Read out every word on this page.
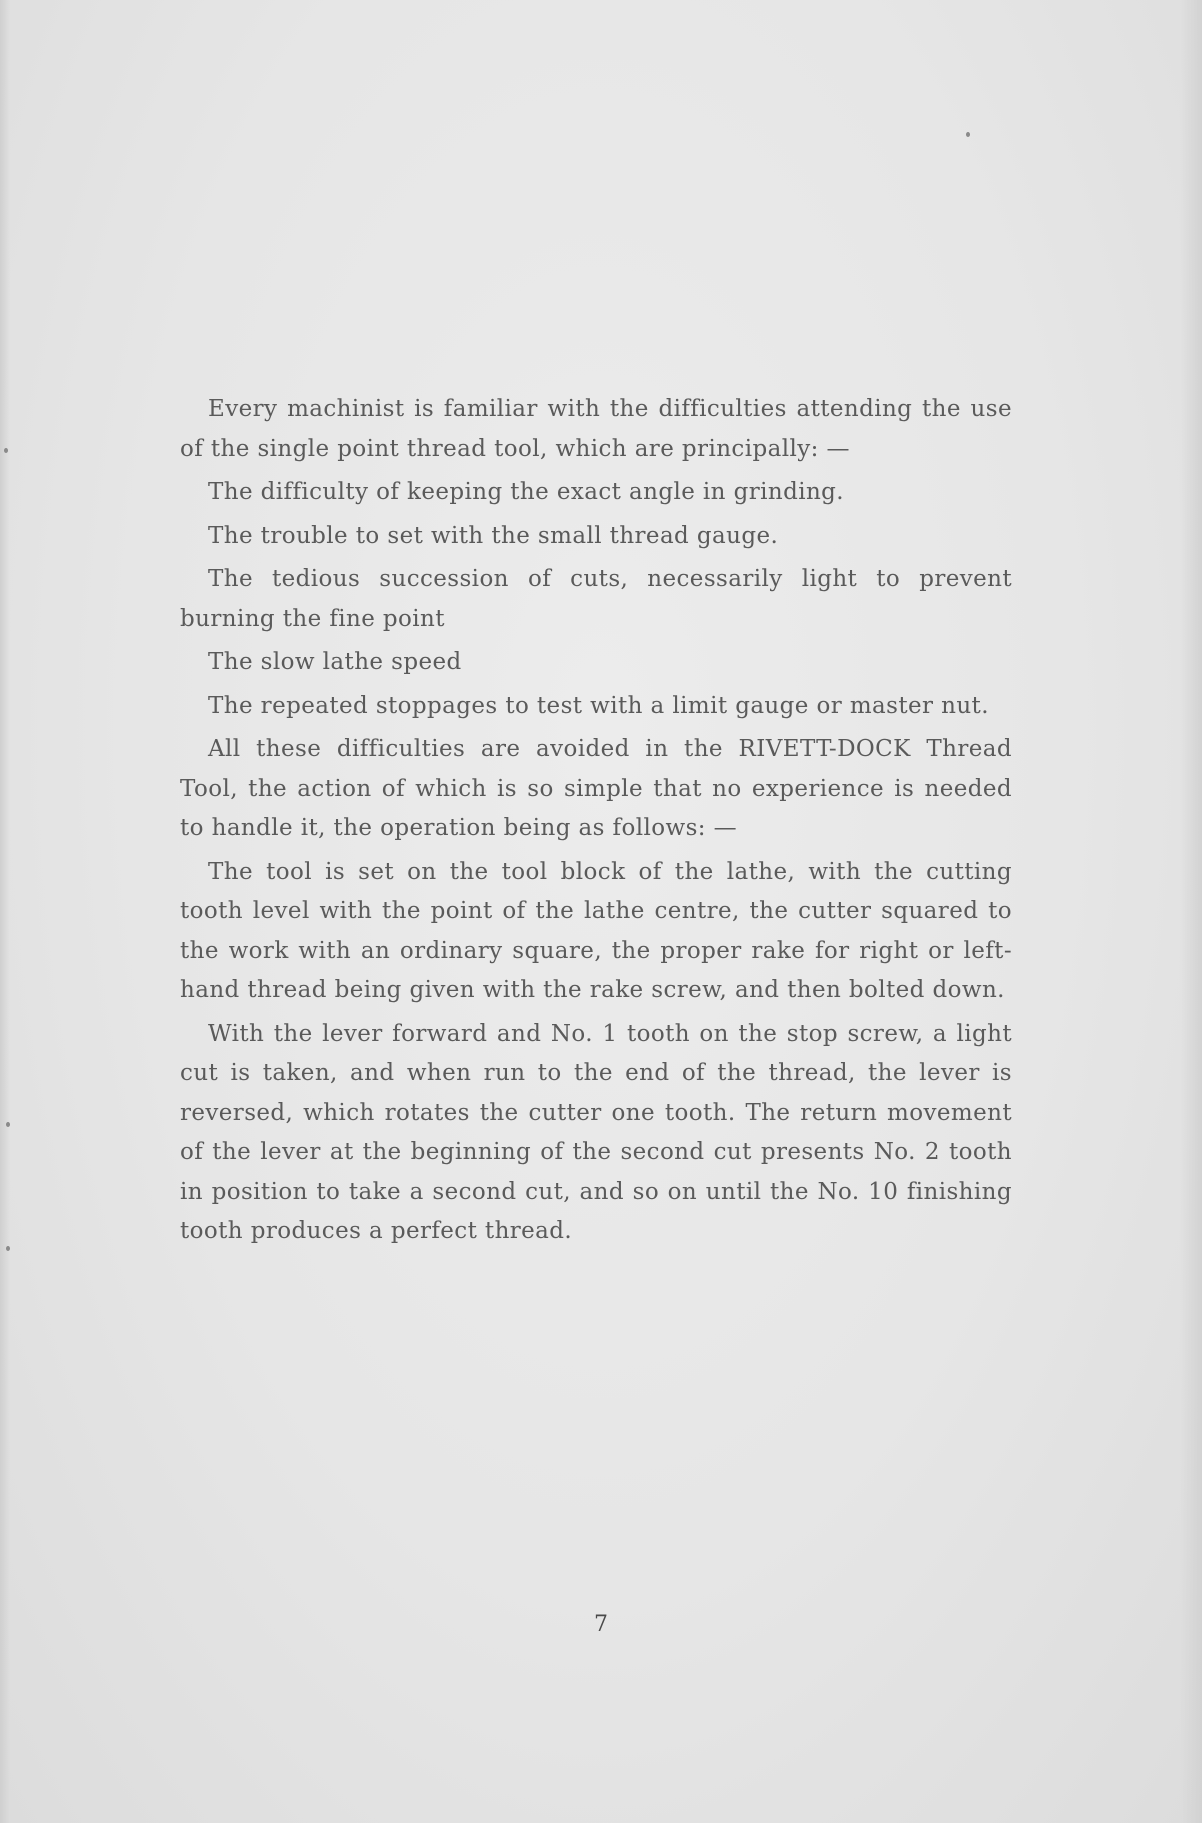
Every machinist is familiar with the difficulties attending the use of the single point thread tool, which are principally: —

The difficulty of keeping the exact angle in grinding.

The trouble to set with the small thread gauge.

The tedious succession of cuts, necessarily light to prevent burning the fine point

The slow lathe speed

The repeated stoppages to test with a limit gauge or master nut.

All these difficulties are avoided in the RIVETT-DOCK Thread Tool, the action of which is so simple that no experience is needed to handle it, the operation being as follows: —

The tool is set on the tool block of the lathe, with the cutting tooth level with the point of the lathe centre, the cutter squared to the work with an ordinary square, the proper rake for right or left-hand thread being given with the rake screw, and then bolted down.

With the lever forward and No. 1 tooth on the stop screw, a light cut is taken, and when run to the end of the thread, the lever is reversed, which rotates the cutter one tooth. The return movement of the lever at the beginning of the second cut presents No. 2 tooth in position to take a second cut, and so on until the No. 10 finishing tooth produces a perfect thread.

7
